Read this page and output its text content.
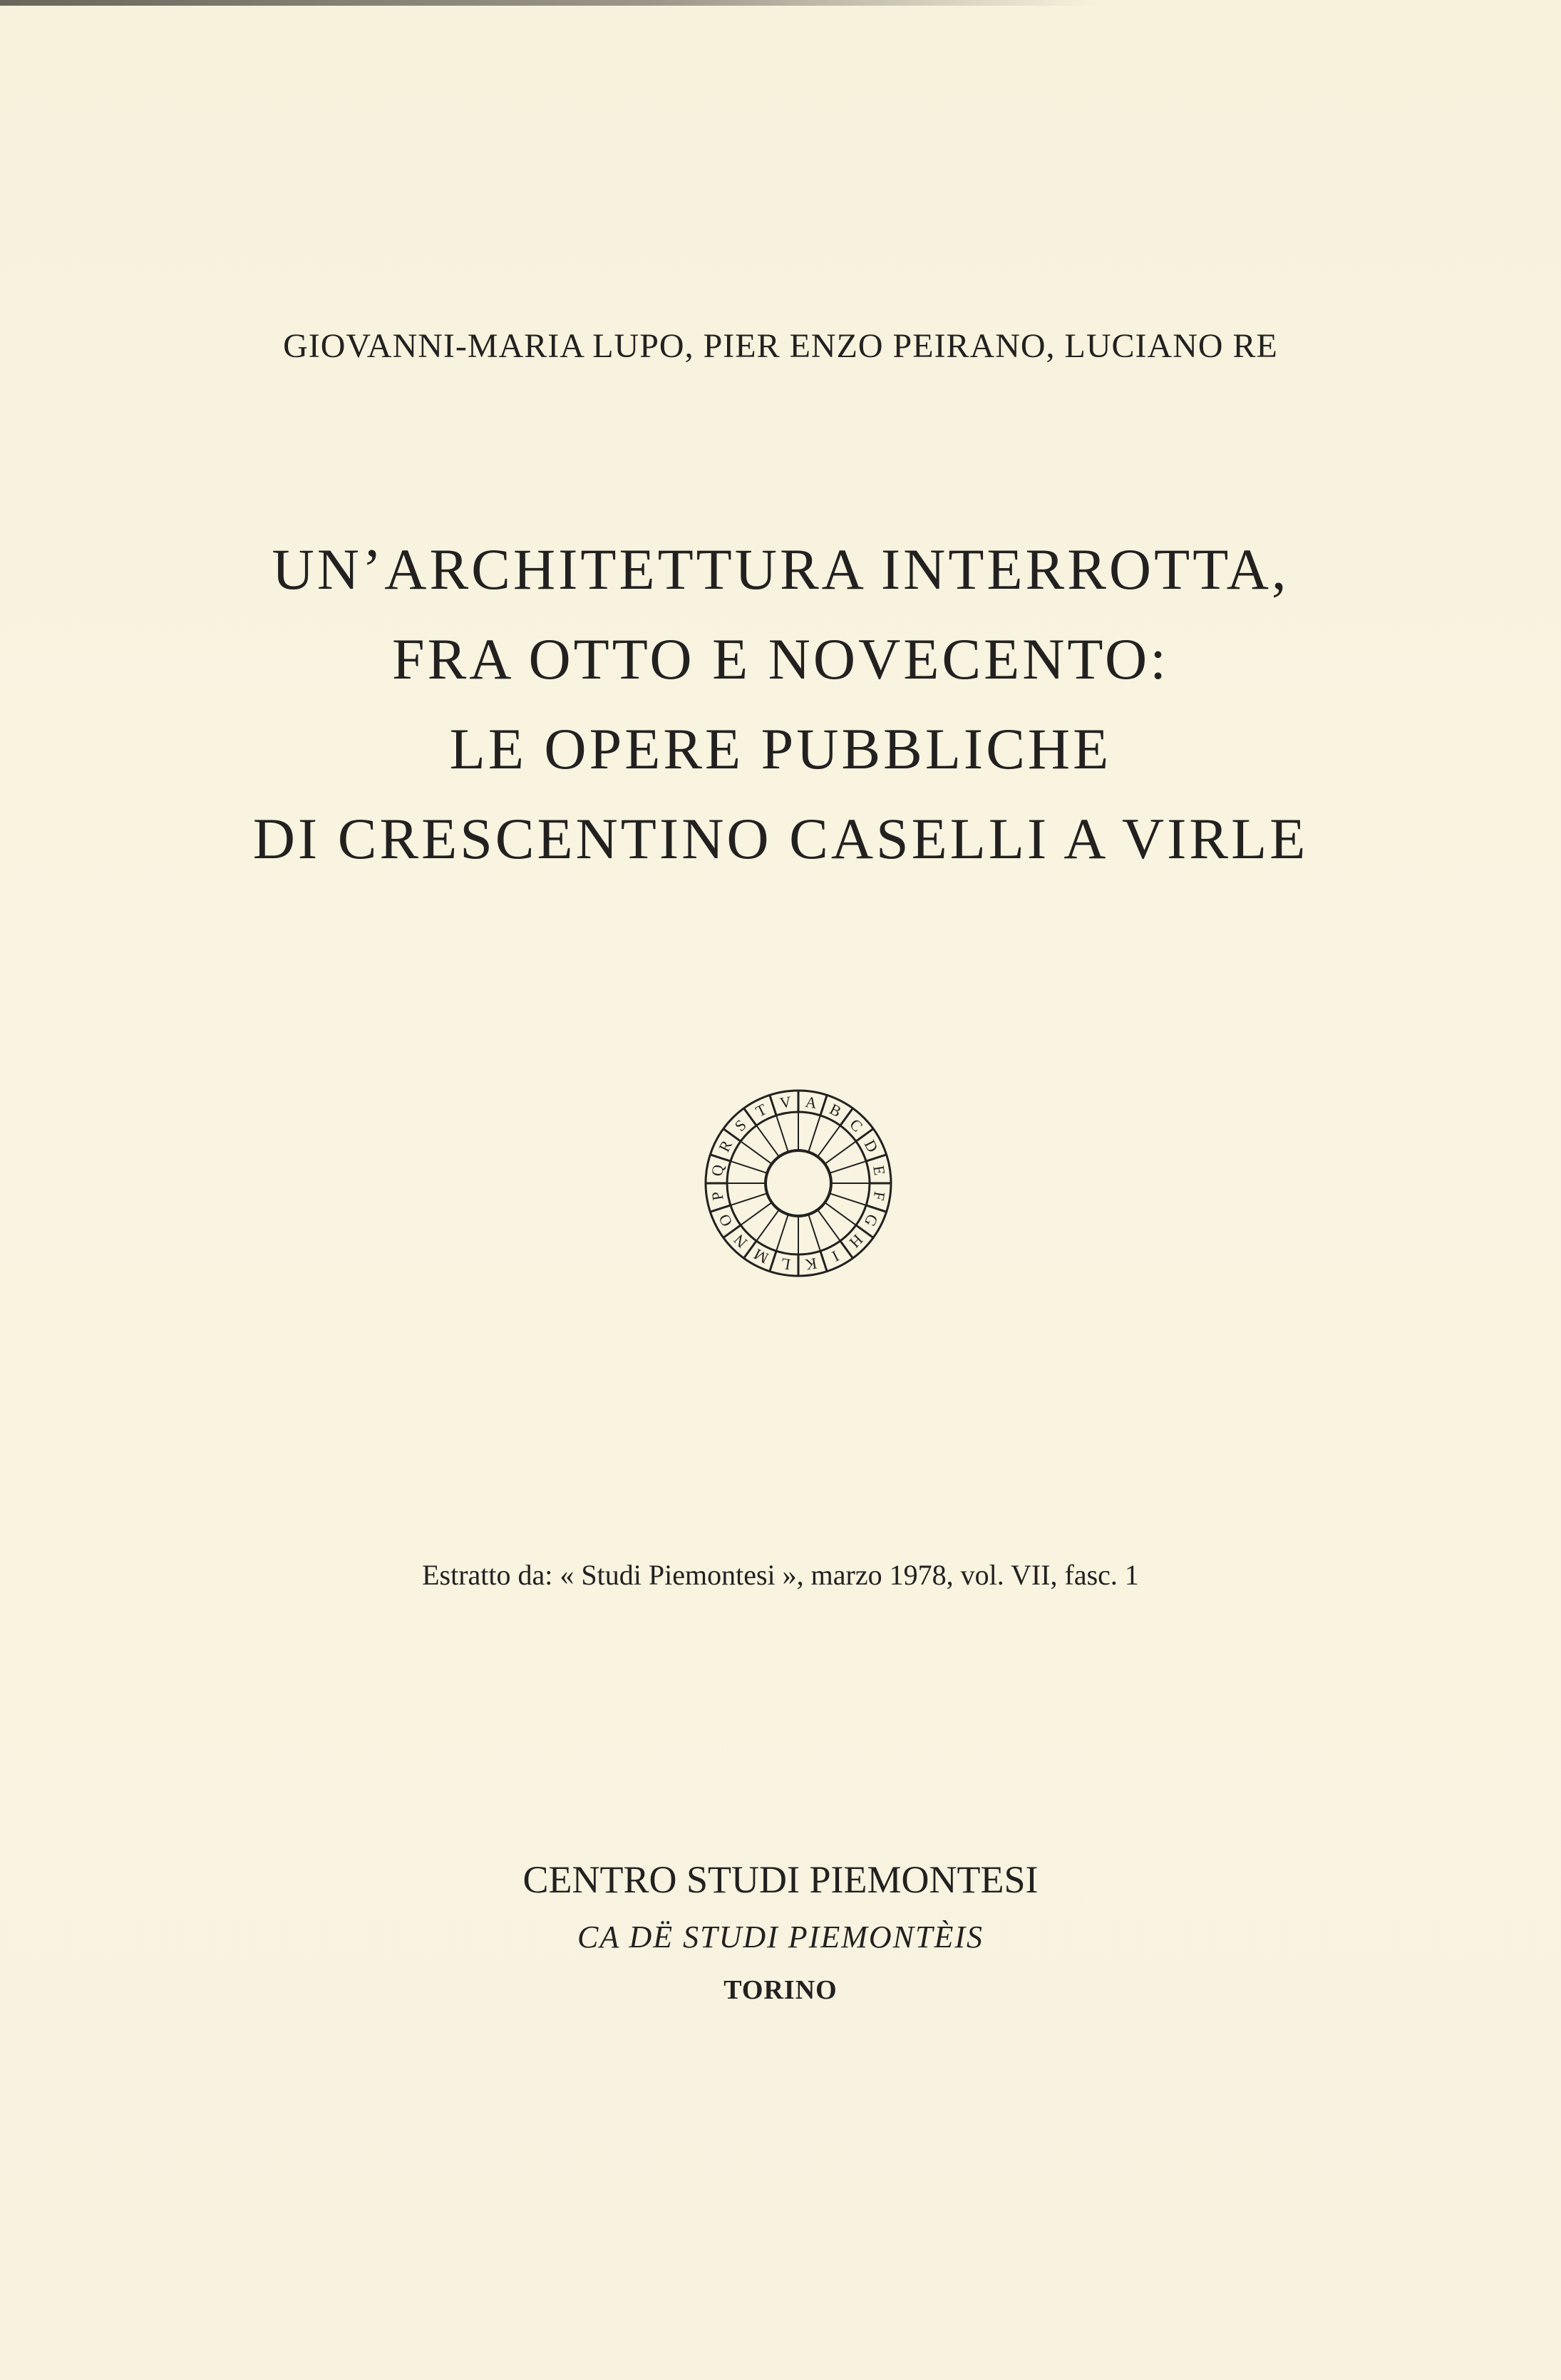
GIOVANNI-MARIA LUPO, PIER ENZO PEIRANO, LUCIANO RE
UN’ARCHITETTURA INTERROTTA,
FRA OTTO E NOVECENTO:
LE OPERE PUBBLICHE
DI CRESCENTINO CASELLI A VIRLE
A B
C
D
E
F
G
H
I
K
L
M
N
O
P
Q
R
S
T V
Estratto da: « Studi Piemontesi », marzo 1978, vol. VII, fasc. 1
CENTRO STUDI PIEMONTESI
CA DË STUDI PIEMONTÈIS
TORINO
